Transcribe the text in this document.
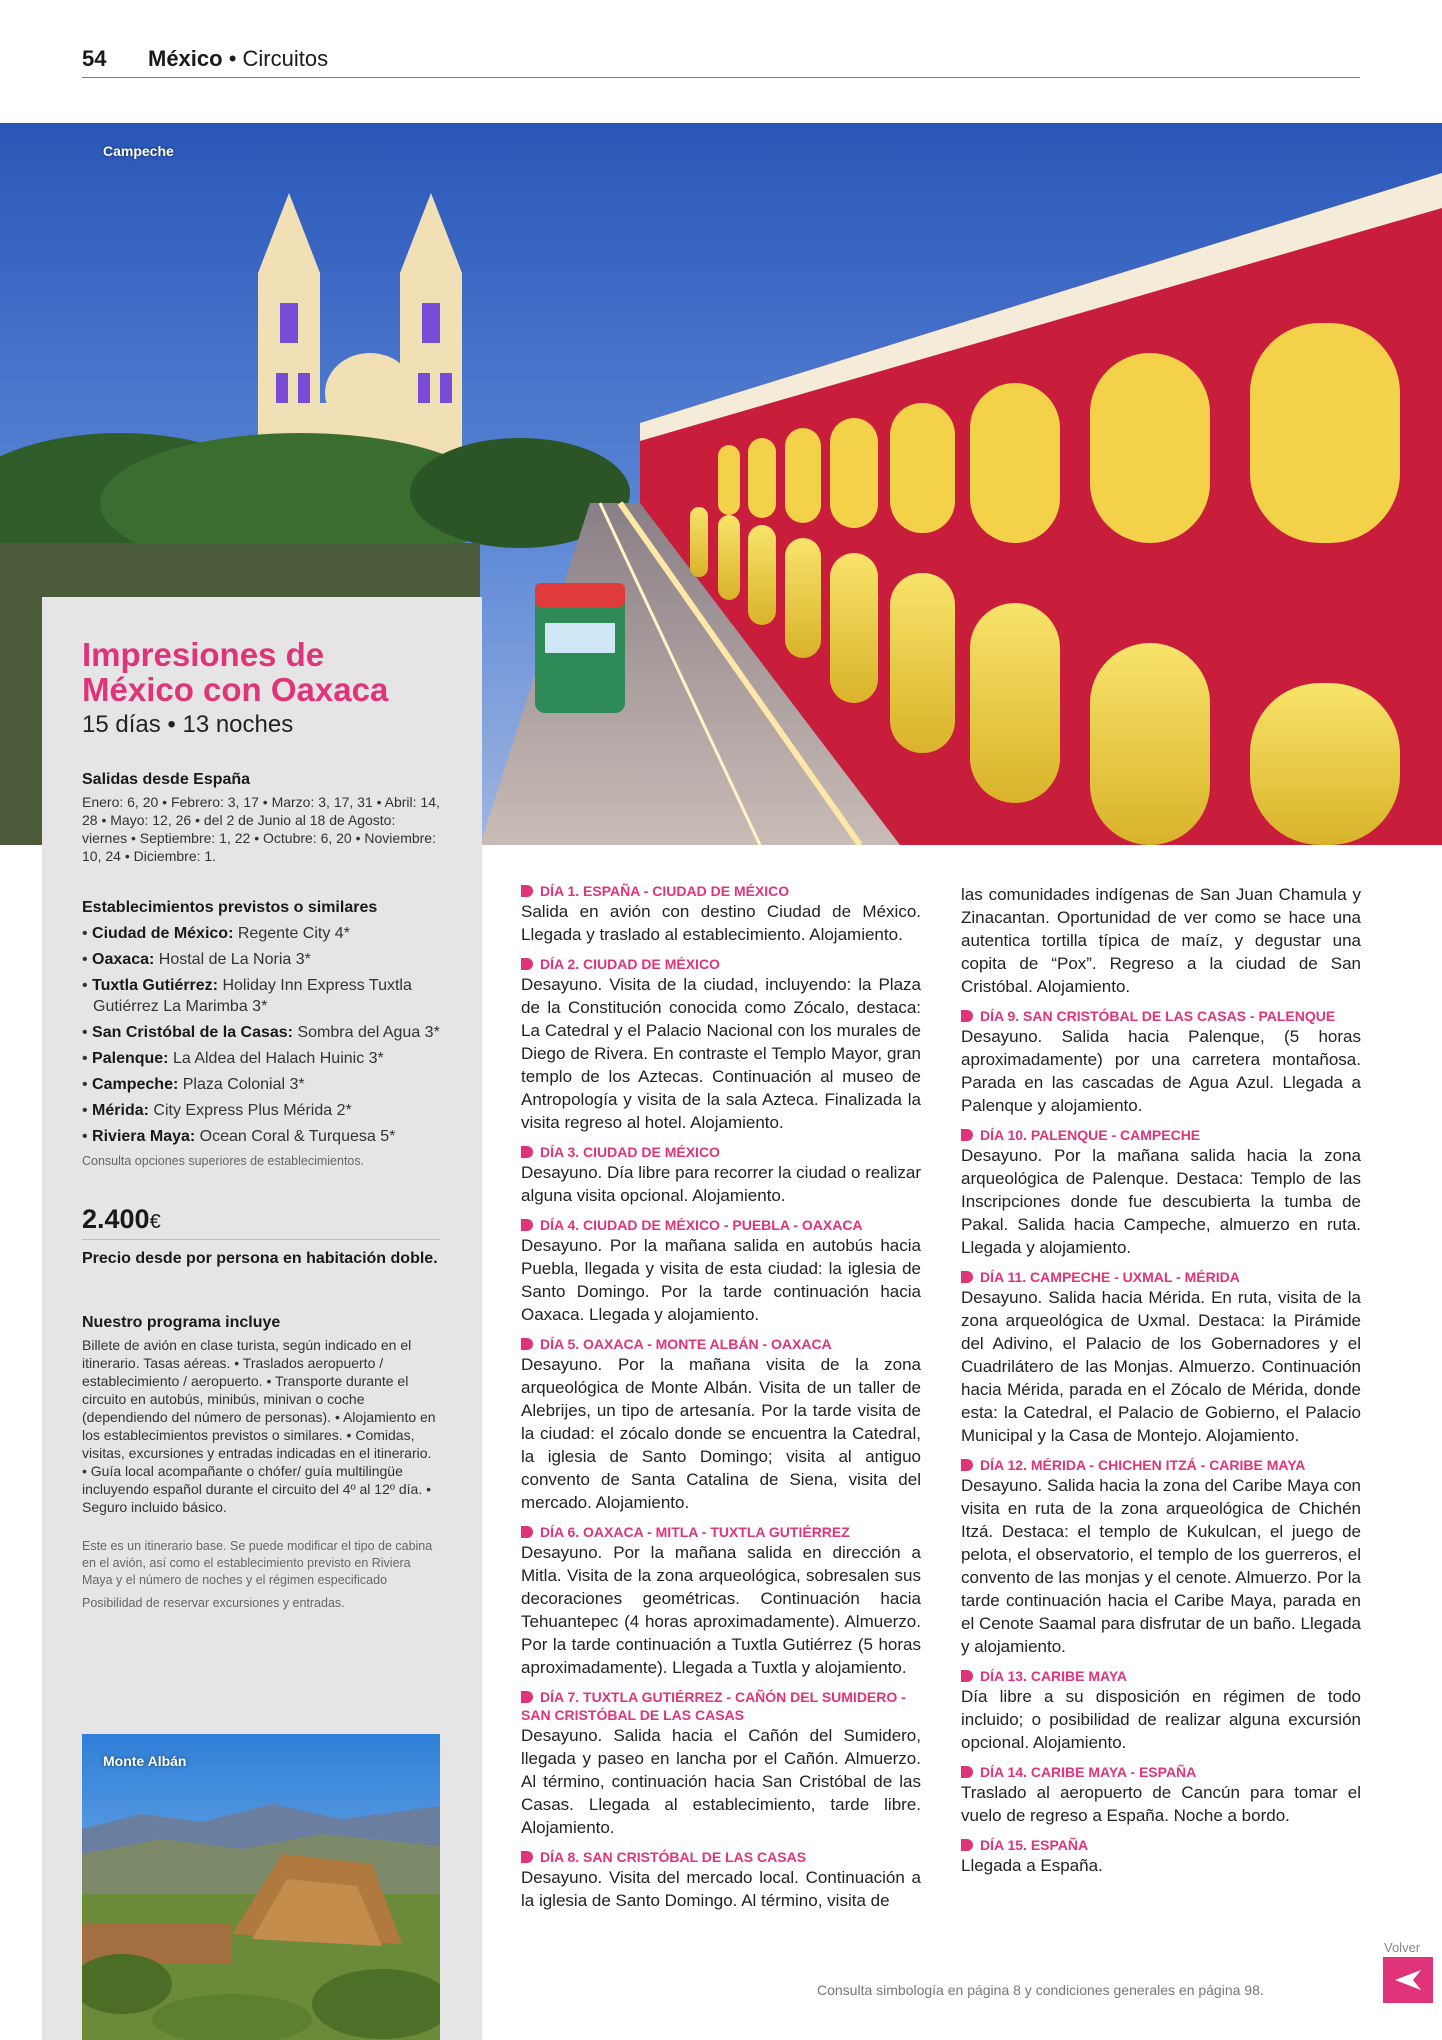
54 México • Circuitos
Campeche
Impresiones de México con Oaxaca
15 días • 13 noches
Salidas desde España
Enero: 6, 20 • Febrero: 3, 17 • Marzo: 3, 17, 31 • Abril: 14, 28 • Mayo: 12, 26 • del 2 de Junio al 18 de Agosto: viernes • Septiembre: 1, 22 • Octubre: 6, 20 • Noviembre: 10, 24 • Diciembre: 1.
Establecimientos previstos o similares
• Ciudad de México: Regente City 4*
• Oaxaca: Hostal de La Noria 3*
• Tuxtla Gutiérrez: Holiday Inn Express Tuxtla Gutiérrez La Marimba 3*
• San Cristóbal de la Casas: Sombra del Agua 3*
• Palenque: La Aldea del Halach Huinic 3*
• Campeche: Plaza Colonial 3*
• Mérida: City Express Plus Mérida 2*
• Riviera Maya: Ocean Coral & Turquesa 5*
Consulta opciones superiores de establecimientos.
2.400€
Precio desde por persona en habitación doble.
Nuestro programa incluye
Billete de avión en clase turista, según indicado en el itinerario. Tasas aéreas. • Traslados aeropuerto / establecimiento / aeropuerto. • Transporte durante el circuito en autobús, minibús, minivan o coche (dependiendo del número de personas). • Alojamiento en los establecimientos previstos o similares. • Comidas, visitas, excursiones y entradas indicadas en el itinerario. • Guía local acompañante o chófer/ guía multilingüe incluyendo español durante el circuito del 4º al 12º día. • Seguro incluido básico.
Este es un itinerario base. Se puede modificar el tipo de cabina en el avión, así como el establecimiento previsto en Riviera Maya y el número de noches y el régimen especificado
Posibilidad de reservar excursiones y entradas.
Monte Albán
DÍA 1. ESPAÑA - CIUDAD DE MÉXICO
Salida en avión con destino Ciudad de México. Llegada y traslado al establecimiento. Alojamiento.
DÍA 2. CIUDAD DE MÉXICO
Desayuno. Visita de la ciudad, incluyendo: la Plaza de la Constitución conocida como Zócalo, destaca: La Catedral y el Palacio Nacional con los murales de Diego de Rivera. En contraste el Templo Mayor, gran templo de los Aztecas. Continuación al museo de Antropología y visita de la sala Azteca. Finalizada la visita regreso al hotel. Alojamiento.
DÍA 3. CIUDAD DE MÉXICO
Desayuno. Día libre para recorrer la ciudad o realizar alguna visita opcional. Alojamiento.
DÍA 4. CIUDAD DE MÉXICO - PUEBLA - OAXACA
Desayuno. Por la mañana salida en autobús hacia Puebla, llegada y visita de esta ciudad: la iglesia de Santo Domingo. Por la tarde continuación hacia Oaxaca. Llegada y alojamiento.
DÍA 5. OAXACA - MONTE ALBÁN - OAXACA
Desayuno. Por la mañana visita de la zona arqueológica de Monte Albán. Visita de un taller de Alebrijes, un tipo de artesanía. Por la tarde visita de la ciudad: el zócalo donde se encuentra la Catedral, la iglesia de Santo Domingo; visita al antiguo convento de Santa Catalina de Siena, visita del mercado. Alojamiento.
DÍA 6. OAXACA - MITLA - TUXTLA GUTIÉRREZ
Desayuno. Por la mañana salida en dirección a Mitla. Visita de la zona arqueológica, sobresalen sus decoraciones geométricas. Continuación hacia Tehuantepec (4 horas aproximadamente). Almuerzo. Por la tarde continuación a Tuxtla Gutiérrez (5 horas aproximadamente). Llegada a Tuxtla y alojamiento.
DÍA 7. TUXTLA GUTIÉRREZ - CAÑÓN DEL SUMIDERO - SAN CRISTÓBAL DE LAS CASAS
Desayuno. Salida hacia el Cañón del Sumidero, llegada y paseo en lancha por el Cañón. Almuerzo. Al término, continuación hacia San Cristóbal de las Casas. Llegada al establecimiento, tarde libre. Alojamiento.
DÍA 8. SAN CRISTÓBAL DE LAS CASAS
Desayuno. Visita del mercado local. Continuación a la iglesia de Santo Domingo. Al término, visita de
las comunidades indígenas de San Juan Chamula y Zinacantan. Oportunidad de ver como se hace una autentica tortilla típica de maíz, y degustar una copita de “Pox”. Regreso a la ciudad de San Cristóbal. Alojamiento.
DÍA 9. SAN CRISTÓBAL DE LAS CASAS - PALENQUE
Desayuno. Salida hacia Palenque, (5 horas aproximadamente) por una carretera montañosa. Parada en las cascadas de Agua Azul. Llegada a Palenque y alojamiento.
DÍA 10. PALENQUE - CAMPECHE
Desayuno. Por la mañana salida hacia la zona arqueológica de Palenque. Destaca: Templo de las Inscripciones donde fue descubierta la tumba de Pakal. Salida hacia Campeche, almuerzo en ruta. Llegada y alojamiento.
DÍA 11. CAMPECHE - UXMAL - MÉRIDA
Desayuno. Salida hacia Mérida. En ruta, visita de la zona arqueológica de Uxmal. Destaca: la Pirámide del Adivino, el Palacio de los Gobernadores y el Cuadrilátero de las Monjas. Almuerzo. Continuación hacia Mérida, parada en el Zócalo de Mérida, donde esta: la Catedral, el Palacio de Gobierno, el Palacio Municipal y la Casa de Montejo. Alojamiento.
DÍA 12. MÉRIDA - CHICHEN ITZÁ - CARIBE MAYA
Desayuno. Salida hacia la zona del Caribe Maya con visita en ruta de la zona arqueológica de Chichén Itzá. Destaca: el templo de Kukulcan, el juego de pelota, el observatorio, el templo de los guerreros, el convento de las monjas y el cenote. Almuerzo. Por la tarde continuación hacia el Caribe Maya, parada en el Cenote Saamal para disfrutar de un baño. Llegada y alojamiento.
DÍA 13. CARIBE MAYA
Día libre a su disposición en régimen de todo incluido; o posibilidad de realizar alguna excursión opcional. Alojamiento.
DÍA 14. CARIBE MAYA - ESPAÑA
Traslado al aeropuerto de Cancún para tomar el vuelo de regreso a España. Noche a bordo.
DÍA 15. ESPAÑA
Llegada a España.
Consulta simbología en página 8 y condiciones generales en página 98.
Volver
